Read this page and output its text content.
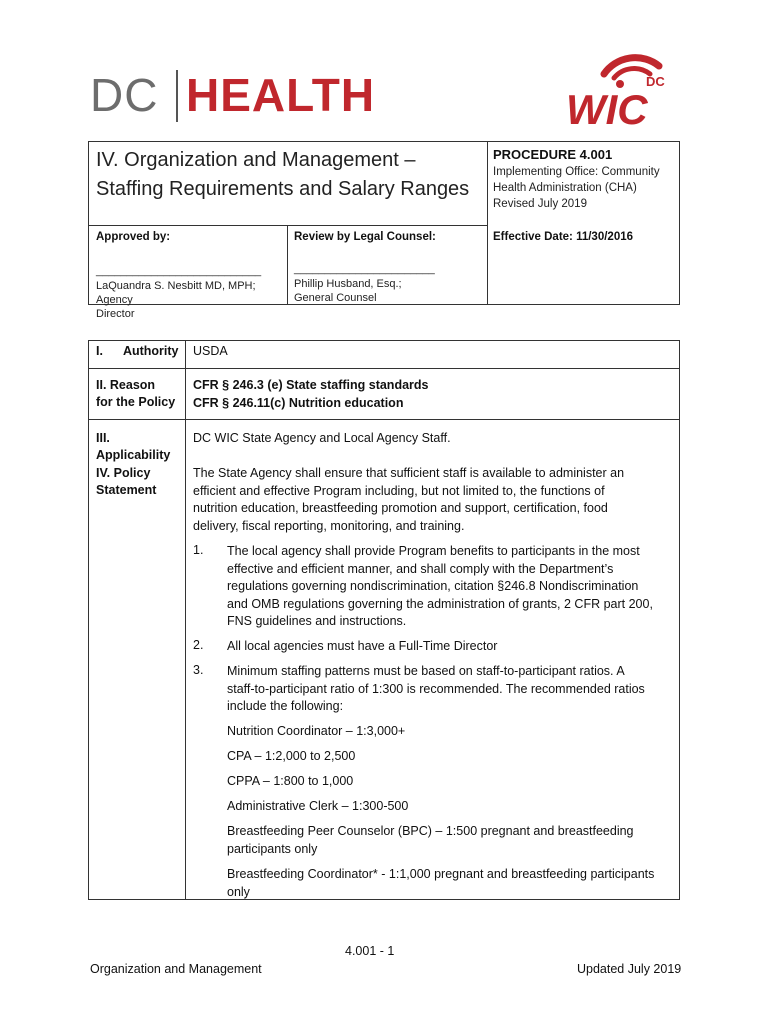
DC HEALTH	WIC
DC
IV. Organization and Management –
Staffing Requirements and Salary Ranges
PROCEDURE 4.001
Implementing Office: Community
Health Administration (CHA)
Revised July 2019
Approved by:
___________________________
LaQuandra S. Nesbitt MD, MPH; Agency
Director
Review by Legal Counsel:
_______________________
Phillip Husband, Esq.;
General Counsel
Effective Date: 11/30/2016
I. Authority USDA
II. Reason
for the Policy
CFR § 246.3 (e) State staffing standards
CFR § 246.11(c) Nutrition education
III.
Applicability
DC WIC State Agency and Local Agency Staff.
IV. Policy
Statement
The State Agency shall ensure that sufficient staff is available to administer an
efficient and effective Program including, but not limited to, the functions of
nutrition education, breastfeeding promotion and support, certification, food
delivery, fiscal reporting, monitoring, and training.
1. The local agency shall provide Program benefits to participants in the most
effective and efficient manner, and shall comply with the Department’s
regulations governing nondiscrimination, citation §246.8 Nondiscrimination
and OMB regulations governing the administration of grants, 2 CFR part 200,
FNS guidelines and instructions.
2. All local agencies must have a Full-Time Director
3. Minimum staffing patterns must be based on staff-to-participant ratios. A
staff-to-participant ratio of 1:300 is recommended. The recommended ratios
include the following:
Nutrition Coordinator – 1:3,000+
CPA – 1:2,000 to 2,500
CPPA – 1:800 to 1,000
Administrative Clerk – 1:300-500
Breastfeeding Peer Counselor (BPC) – 1:500 pregnant and breastfeeding
participants only
Breastfeeding Coordinator* - 1:1,000 pregnant and breastfeeding participants
only
4.001 - 1
Organization and Management	Updated July 2019
